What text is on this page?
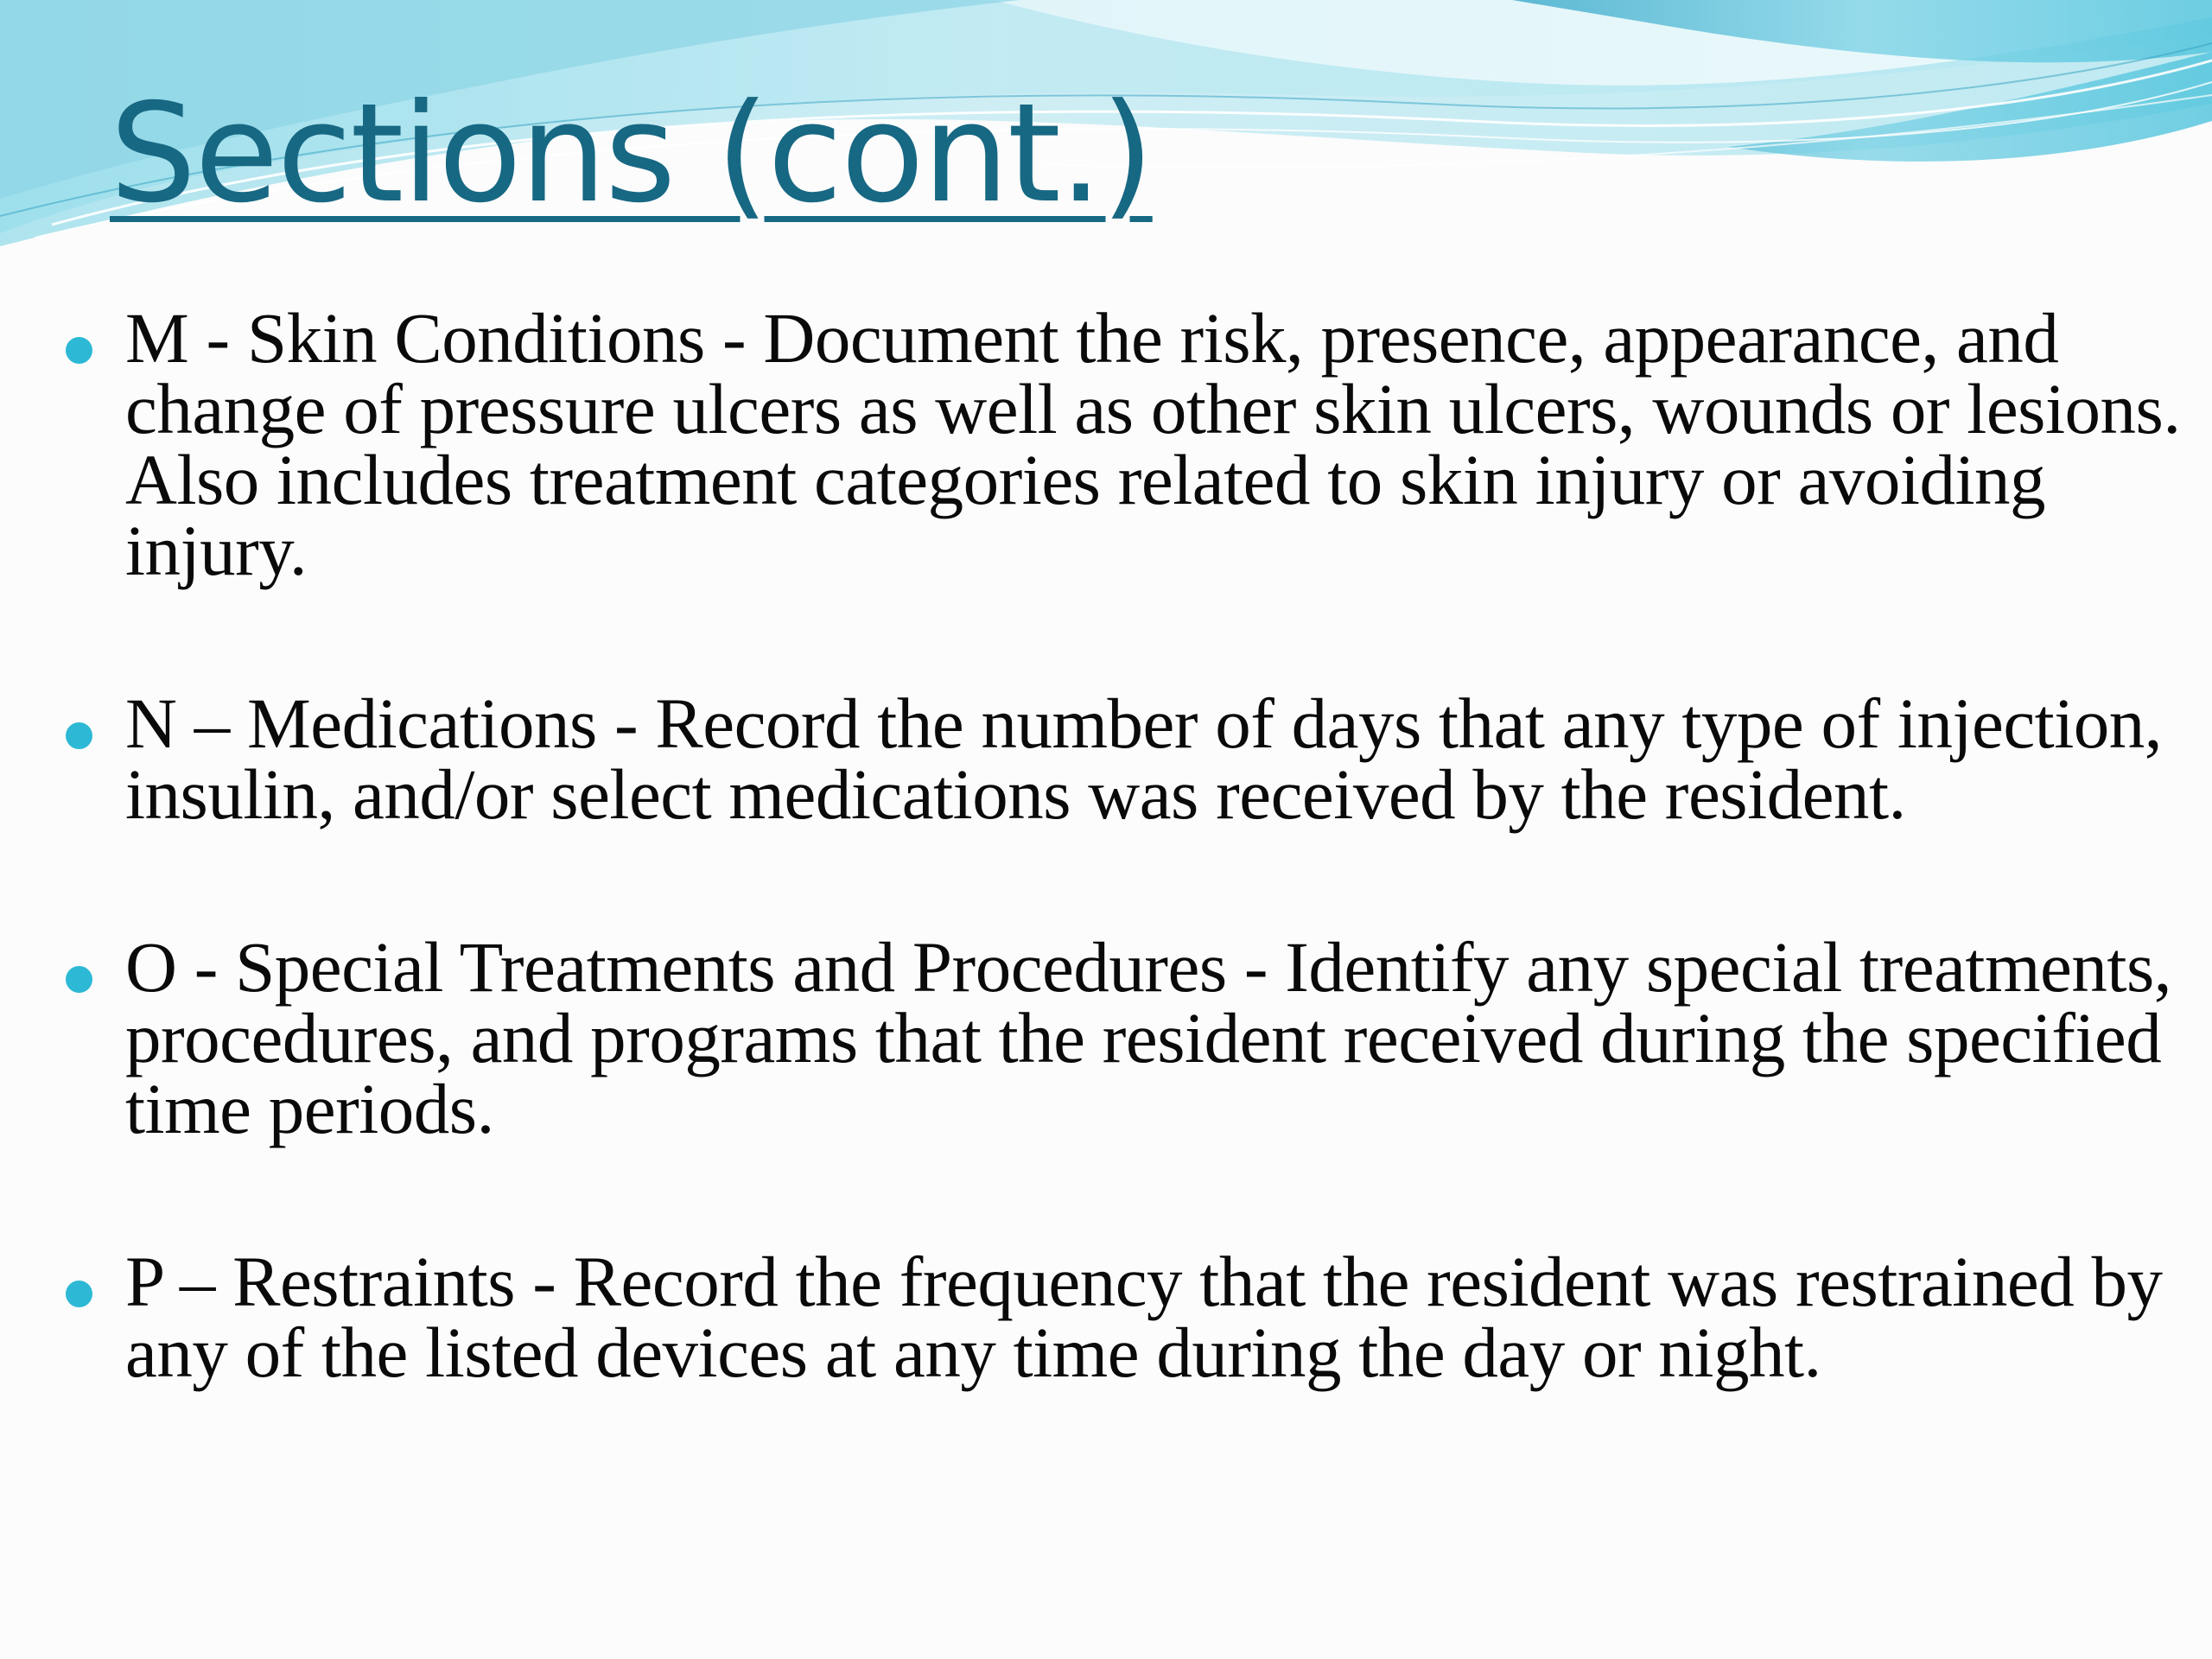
Sections (cont.)
M - Skin Conditions - Document the risk, presence, appearance, and change of pressure ulcers as well as other skin ulcers, wounds or lesions. Also includes treatment categories related to skin injury or avoiding injury.
N – Medications - Record the number of days that any type of injection, insulin, and/or select medications was received by the resident.
O - Special Treatments and Procedures - Identify any special treatments, procedures, and programs that the resident received during the specified time periods.
P – Restraints - Record the frequency that the resident was restrained by any of the listed devices at any time during the day or night.
